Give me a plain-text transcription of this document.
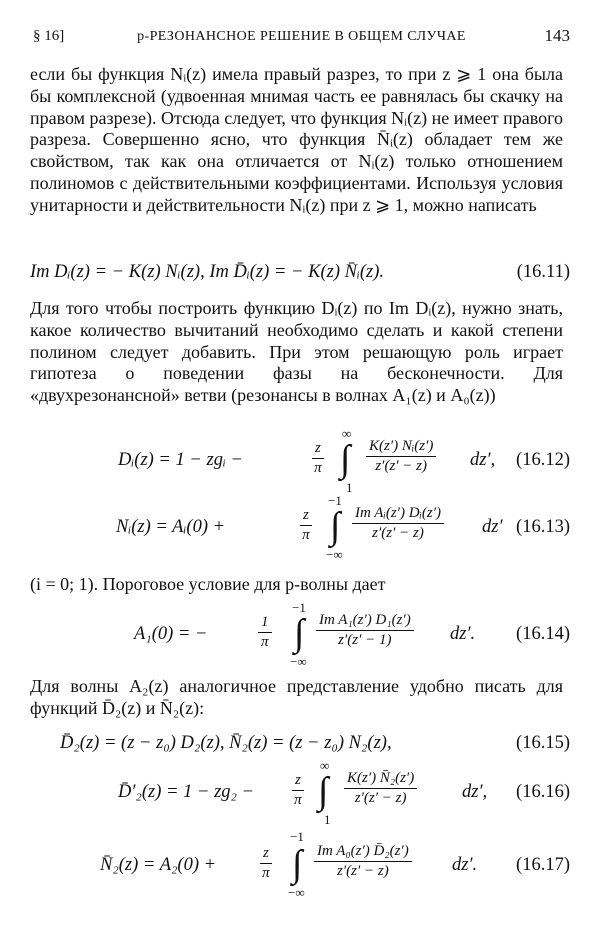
§ 16]	p-РЕЗОНАНСНОЕ РЕШЕНИЕ В ОБЩЕМ СЛУЧАЕ	143
если бы функция Nᵢ(z) имела правый разрез, то при z ⩾ 1 она была бы комплексной (удвоенная мнимая часть ее равнялась бы скачку на правом разрезе). Отсюда следует, что функция Nᵢ(z) не имеет правого разреза. Совершенно ясно, что функция N̄ᵢ(z) обладает тем же свойством, так как она отличается от Nᵢ(z) только отношением полиномов с действительными коэффициентами. Используя условия унитарности и действительности Nᵢ(z) при z ⩾ 1, можно написать
Im Dᵢ(z) = − K(z) Nᵢ(z), Im D̄ᵢ(z) = − K(z) N̄ᵢ(z).	(16.11)
Для того чтобы построить функцию Dᵢ(z) по Im Dᵢ(z), нужно знать, какое количество вычитаний необходимо сделать и какой степени полином следует добавить. При этом решающую роль играет гипотеза о поведении фазы на бесконечности. Для «двухрезонансной» ветви (резонансы в волнах A₁(z) и A₀(z))
Dᵢ(z) = 1 − zgᵢ −	$\frac{z}{\pi}$
∞
∫
1
$\frac{\text{K(z′) Nᵢ(z′)}}{z'(z' - z)} dz'$, (16.12)
Nᵢ(z) = Aᵢ(0) +	$\frac{z}{\pi}$
−1
∫
−∞
$\frac{\text{Im Aᵢ(z′) Dᵢ(z′)}}{z'(z' - z)} dz'$ (16.13)
(i = 0; 1). Пороговое условие для p-волны дает
A₁(0) = −	$\frac{1}{\pi}$
−1
∫
−∞
$\frac{\text{Im A₁(z′) D₁(z′)}}{z'(z' - 1)} dz'$. (16.14)
Для волны A₂(z) аналогичное представление удобно писать для функций D̄₂(z) и N̄₂(z):
D̄₂(z) = (z − z₀) D₂(z), N̄₂(z) = (z − z₀) N₂(z),	(16.15)
D̄′₂(z) = 1 − zg₂ −	$\frac{z}{\pi}$
∞
∫
1
$\frac{\text{K(z′) N̄₂(z′)}}{z'(z' - z)} dz'$, (16.16)
N̄₂(z) = A₂(0) +	$\frac{z}{\pi}$
−1
∫
−∞
$\frac{\text{Im A₀(z′) D̄₂(z′)}}{z'(z' - z)} dz'$. (16.17)
